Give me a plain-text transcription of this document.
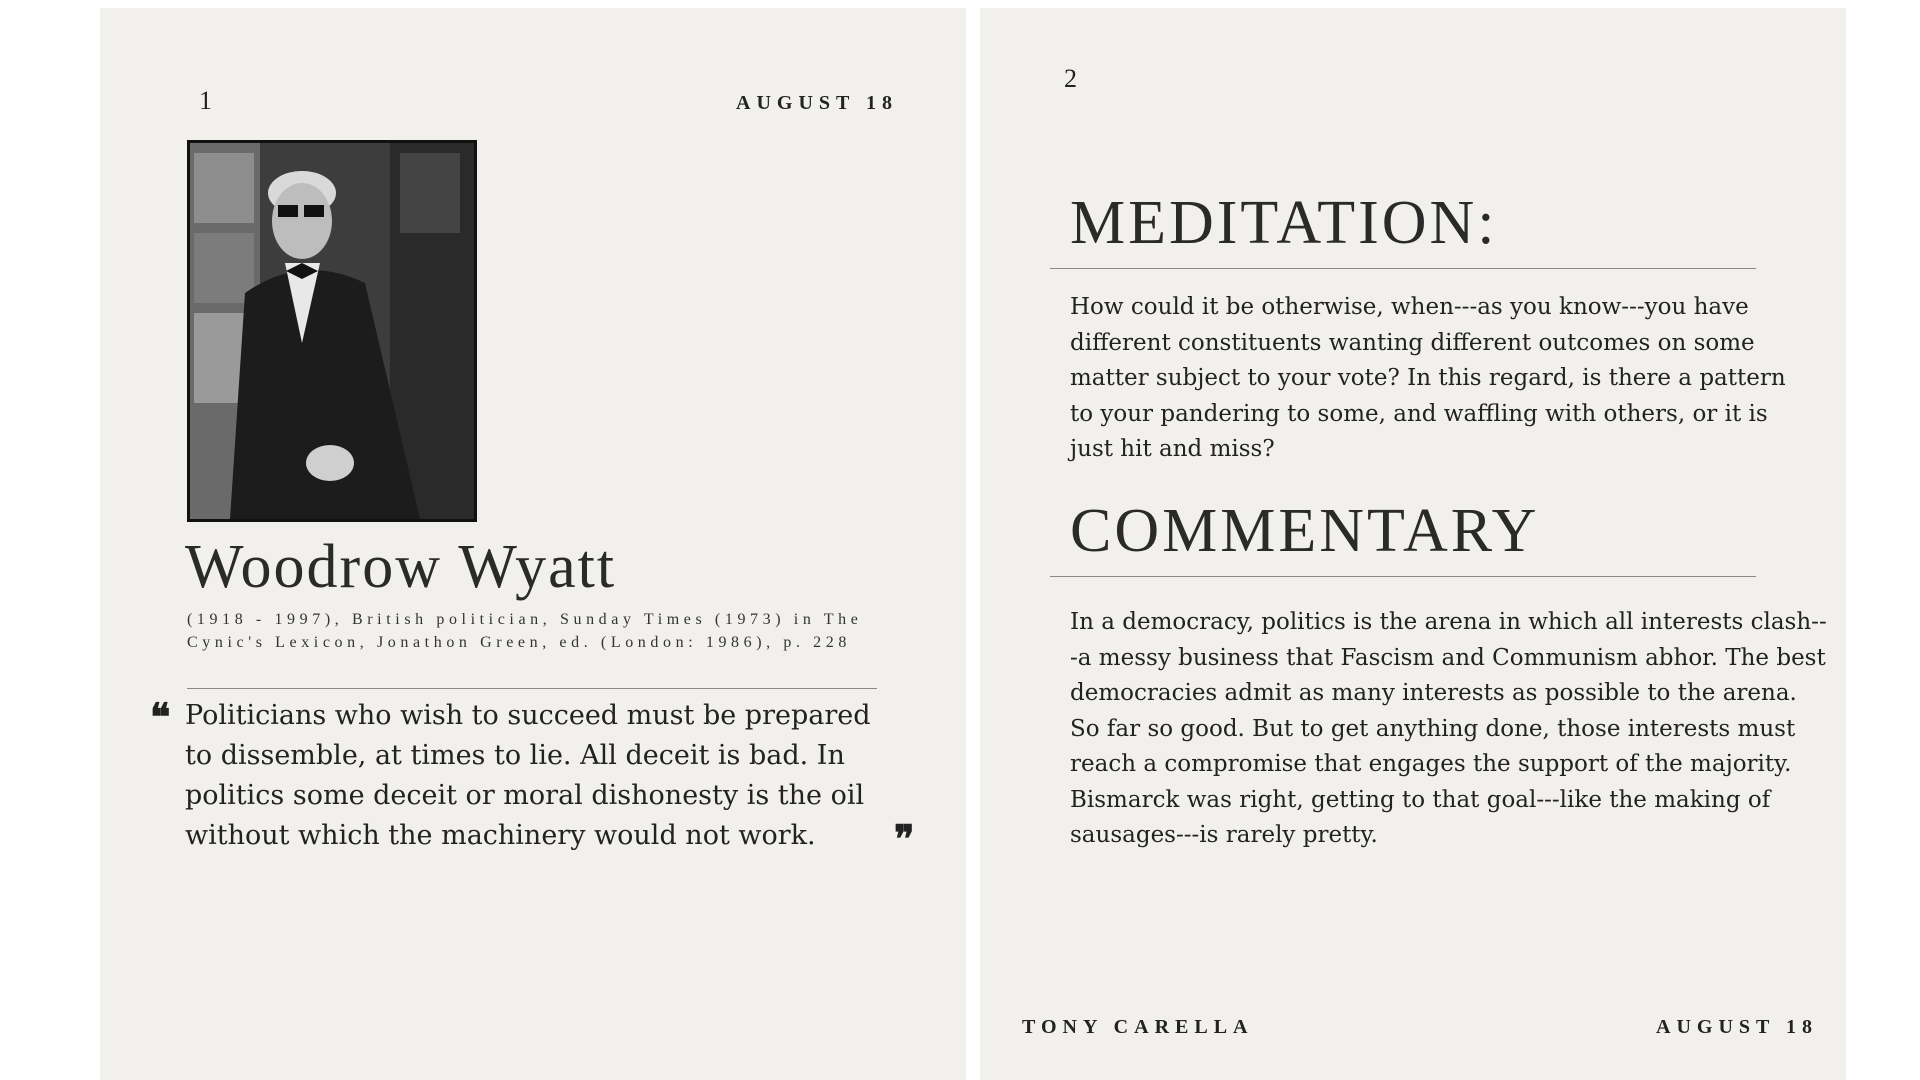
1	AUGUST 18
Woodrow Wyatt
(1918 - 1997), British politician, Sunday Times (1973) in The Cynic's Lexicon, Jonathon Green, ed. (London: 1986), p. 228
❝ Politicians who wish to succeed must be prepared to dissemble, at times to lie. All deceit is bad. In politics some deceit or moral dishonesty is the oil without which the machinery would not work.	❞
2
MEDITATION:
How could it be otherwise, when---as you know---you have different constituents wanting different outcomes on some matter subject to your vote? In this regard, is there a pattern to your pandering to some, and waffling with others, or it is just hit and miss?
COMMENTARY
In a democracy, politics is the arena in which all interests clash---a messy business that Fascism and Communism abhor. The best democracies admit as many interests as possible to the arena. So far so good. But to get anything done, those interests must reach a compromise that engages the support of the majority. Bismarck was right, getting to that goal---like the making of sausages---is rarely pretty.
TONY CARELLA	AUGUST 18
